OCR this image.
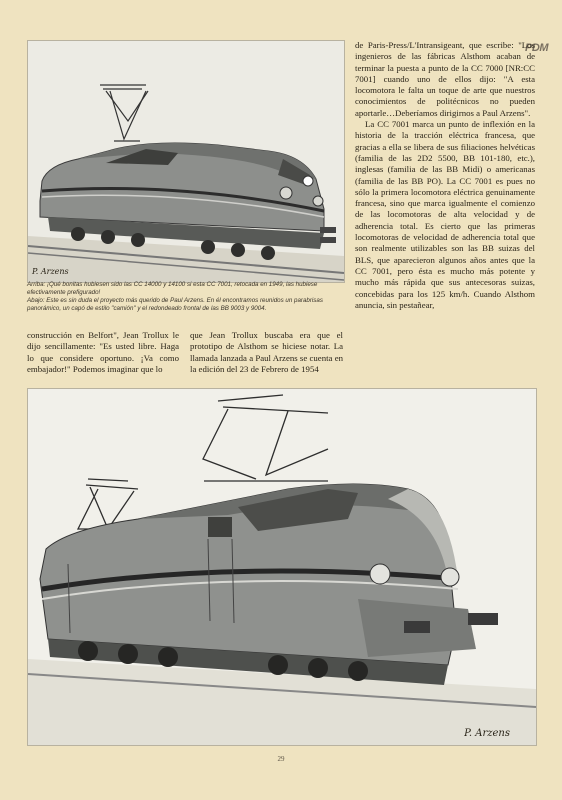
PDM
P. Arzens

Arriba: ¡Qué bonitas hubiesen sido las CC 14000 y 14100 si esta CC 7001, retocada en 1949, las hubiese efectivamente prefigurado!

Abajo: Este es sin duda el proyecto más querido de Paul Arzens. En él encontramos reunidos un parabrisas panorámico, un capó de estilo "camión" y el redondeado frontal de las BB 9003 y 9004.

de Paris-Press/L'Intransigeant, que escribe: "Los ingenieros de las fábricas Alsthom acaban de terminar la puesta a punto de la CC 7000 [NR:CC 7001] cuando uno de ellos dijo: "A esta locomotora le falta un toque de arte que nuestros conocimientos de politécnicos no pueden aportarle…Deberíamos dirigirnos a Paul Arzens".

La CC 7001 marca un punto de inflexión en la historia de la tracción eléctrica francesa, que gracias a ella se libera de sus filiaciones helvéticas (familia de las 2D2 5500, BB 101-180, etc.), inglesas (familia de las BB Midi) o americanas (familia de las BB PO). La CC 7001 es pues no sólo la primera locomotora eléctrica genuinamente francesa, sino que marca igualmente el comienzo de las locomotoras de alta velocidad y de adherencia total. Es cierto que las primeras locomotoras de velocidad de adherencia total que son realmente utilizables son las BB suizas del BLS, que aparecieron algunos años antes que la CC 7001, pero ésta es mucho más potente y mucho más rápida que sus antecesoras suizas, concebidas para los 125 km/h. Cuando Alsthom anuncia, sin pestañear,

construcción en Belfort", Jean Trollux le dijo sencillamente: "Es usted libre. Haga lo que considere oportuno. ¡Va como embajador!" Podemos imaginar que lo

que Jean Trollux buscaba era que el prototipo de Alsthom se hiciese notar. La llamada lanzada a Paul Arzens se cuenta en la edición del 23 de Febrero de 1954

P. Arzens
29
